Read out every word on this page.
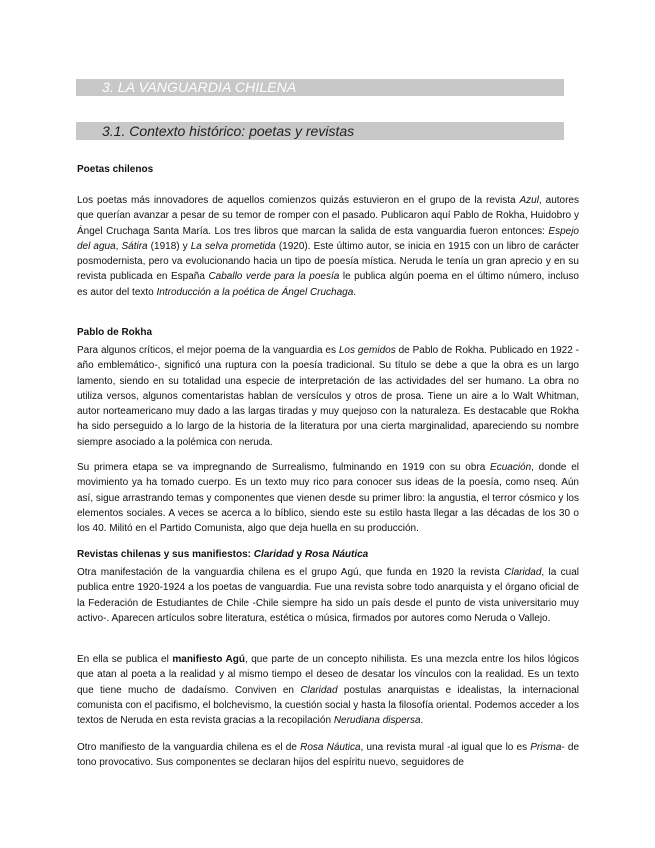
3. LA VANGUARDIA CHILENA
3.1. Contexto histórico: poetas y revistas
Poetas chilenos
Los poetas más innovadores de aquellos comienzos quizás estuvieron en el grupo de la revista Azul, autores que querían avanzar a pesar de su temor de romper con el pasado. Publicaron aquí Pablo de Rokha, Huidobro y Ángel Cruchaga Santa María. Los tres libros que marcan la salida de esta vanguardia fueron entonces: Espejo del agua, Sátira (1918) y La selva prometida (1920). Este último autor, se inicia en 1915 con un libro de carácter posmodernista, pero va evolucionando hacia un tipo de poesía mística. Neruda le tenía un gran aprecio y en su revista publicada en España Caballo verde para la poesía le publica algún poema en el último número, incluso es autor del texto Introducción a la poética de Ángel Cruchaga.
Pablo de Rokha
Para algunos críticos, el mejor poema de la vanguardia es Los gemidos de Pablo de Rokha. Publicado en 1922 -año emblemático-, significó una ruptura con la poesía tradicional. Su título se debe a que la obra es un largo lamento, siendo en su totalidad una especie de interpretación de las actividades del ser humano. La obra no utiliza versos, algunos comentaristas hablan de versículos y otros de prosa. Tiene un aire a lo Walt Whitman, autor norteamericano muy dado a las largas tiradas y muy quejoso con la naturaleza. Es destacable que Rokha ha sido perseguido a lo largo de la historia de la literatura por una cierta marginalidad, apareciendo su nombre siempre asociado a la polémica con neruda.
Su primera etapa se va impregnando de Surrealismo, fulminando en 1919 con su obra Ecuación, donde el movimiento ya ha tomado cuerpo. Es un texto muy rico para conocer sus ideas de la poesía, como nseq. Aún así, sigue arrastrando temas y componentes que vienen desde su primer libro: la angustia, el terror cósmico y los elementos sociales. A veces se acerca a lo bíblico, siendo este su estilo hasta llegar a las décadas de los 30 o los 40. Militó en el Partido Comunista, algo que deja huella en su producción.
Revistas chilenas y sus manifiestos: Claridad y Rosa Náutica
Otra manifestación de la vanguardia chilena es el grupo Agú, que funda en 1920 la revista Claridad, la cual publica entre 1920-1924 a los poetas de vanguardia. Fue una revista sobre todo anarquista y el órgano oficial de la Federación de Estudiantes de Chile -Chile siempre ha sido un país desde el punto de vista universitario muy activo-. Aparecen artículos sobre literatura, estética o música, firmados por autores como Neruda o Vallejo.
En ella se publica el manifiesto Agú, que parte de un concepto nihilista. Es una mezcla entre los hilos lógicos que atan al poeta a la realidad y al mismo tiempo el deseo de desatar los vínculos con la realidad. Es un texto que tiene mucho de dadaísmo. Conviven en Claridad postulas anarquistas e idealistas, la internacional comunista con el pacifismo, el bolchevismo, la cuestión social y hasta la filosofía oriental. Podemos acceder a los textos de Neruda en esta revista gracias a la recopilación Nerudiana dispersa.
Otro manifiesto de la vanguardia chilena es el de Rosa Náutica, una revista mural -al igual que lo es Prisma- de tono provocativo. Sus componentes se declaran hijos del espíritu nuevo, seguidores de
